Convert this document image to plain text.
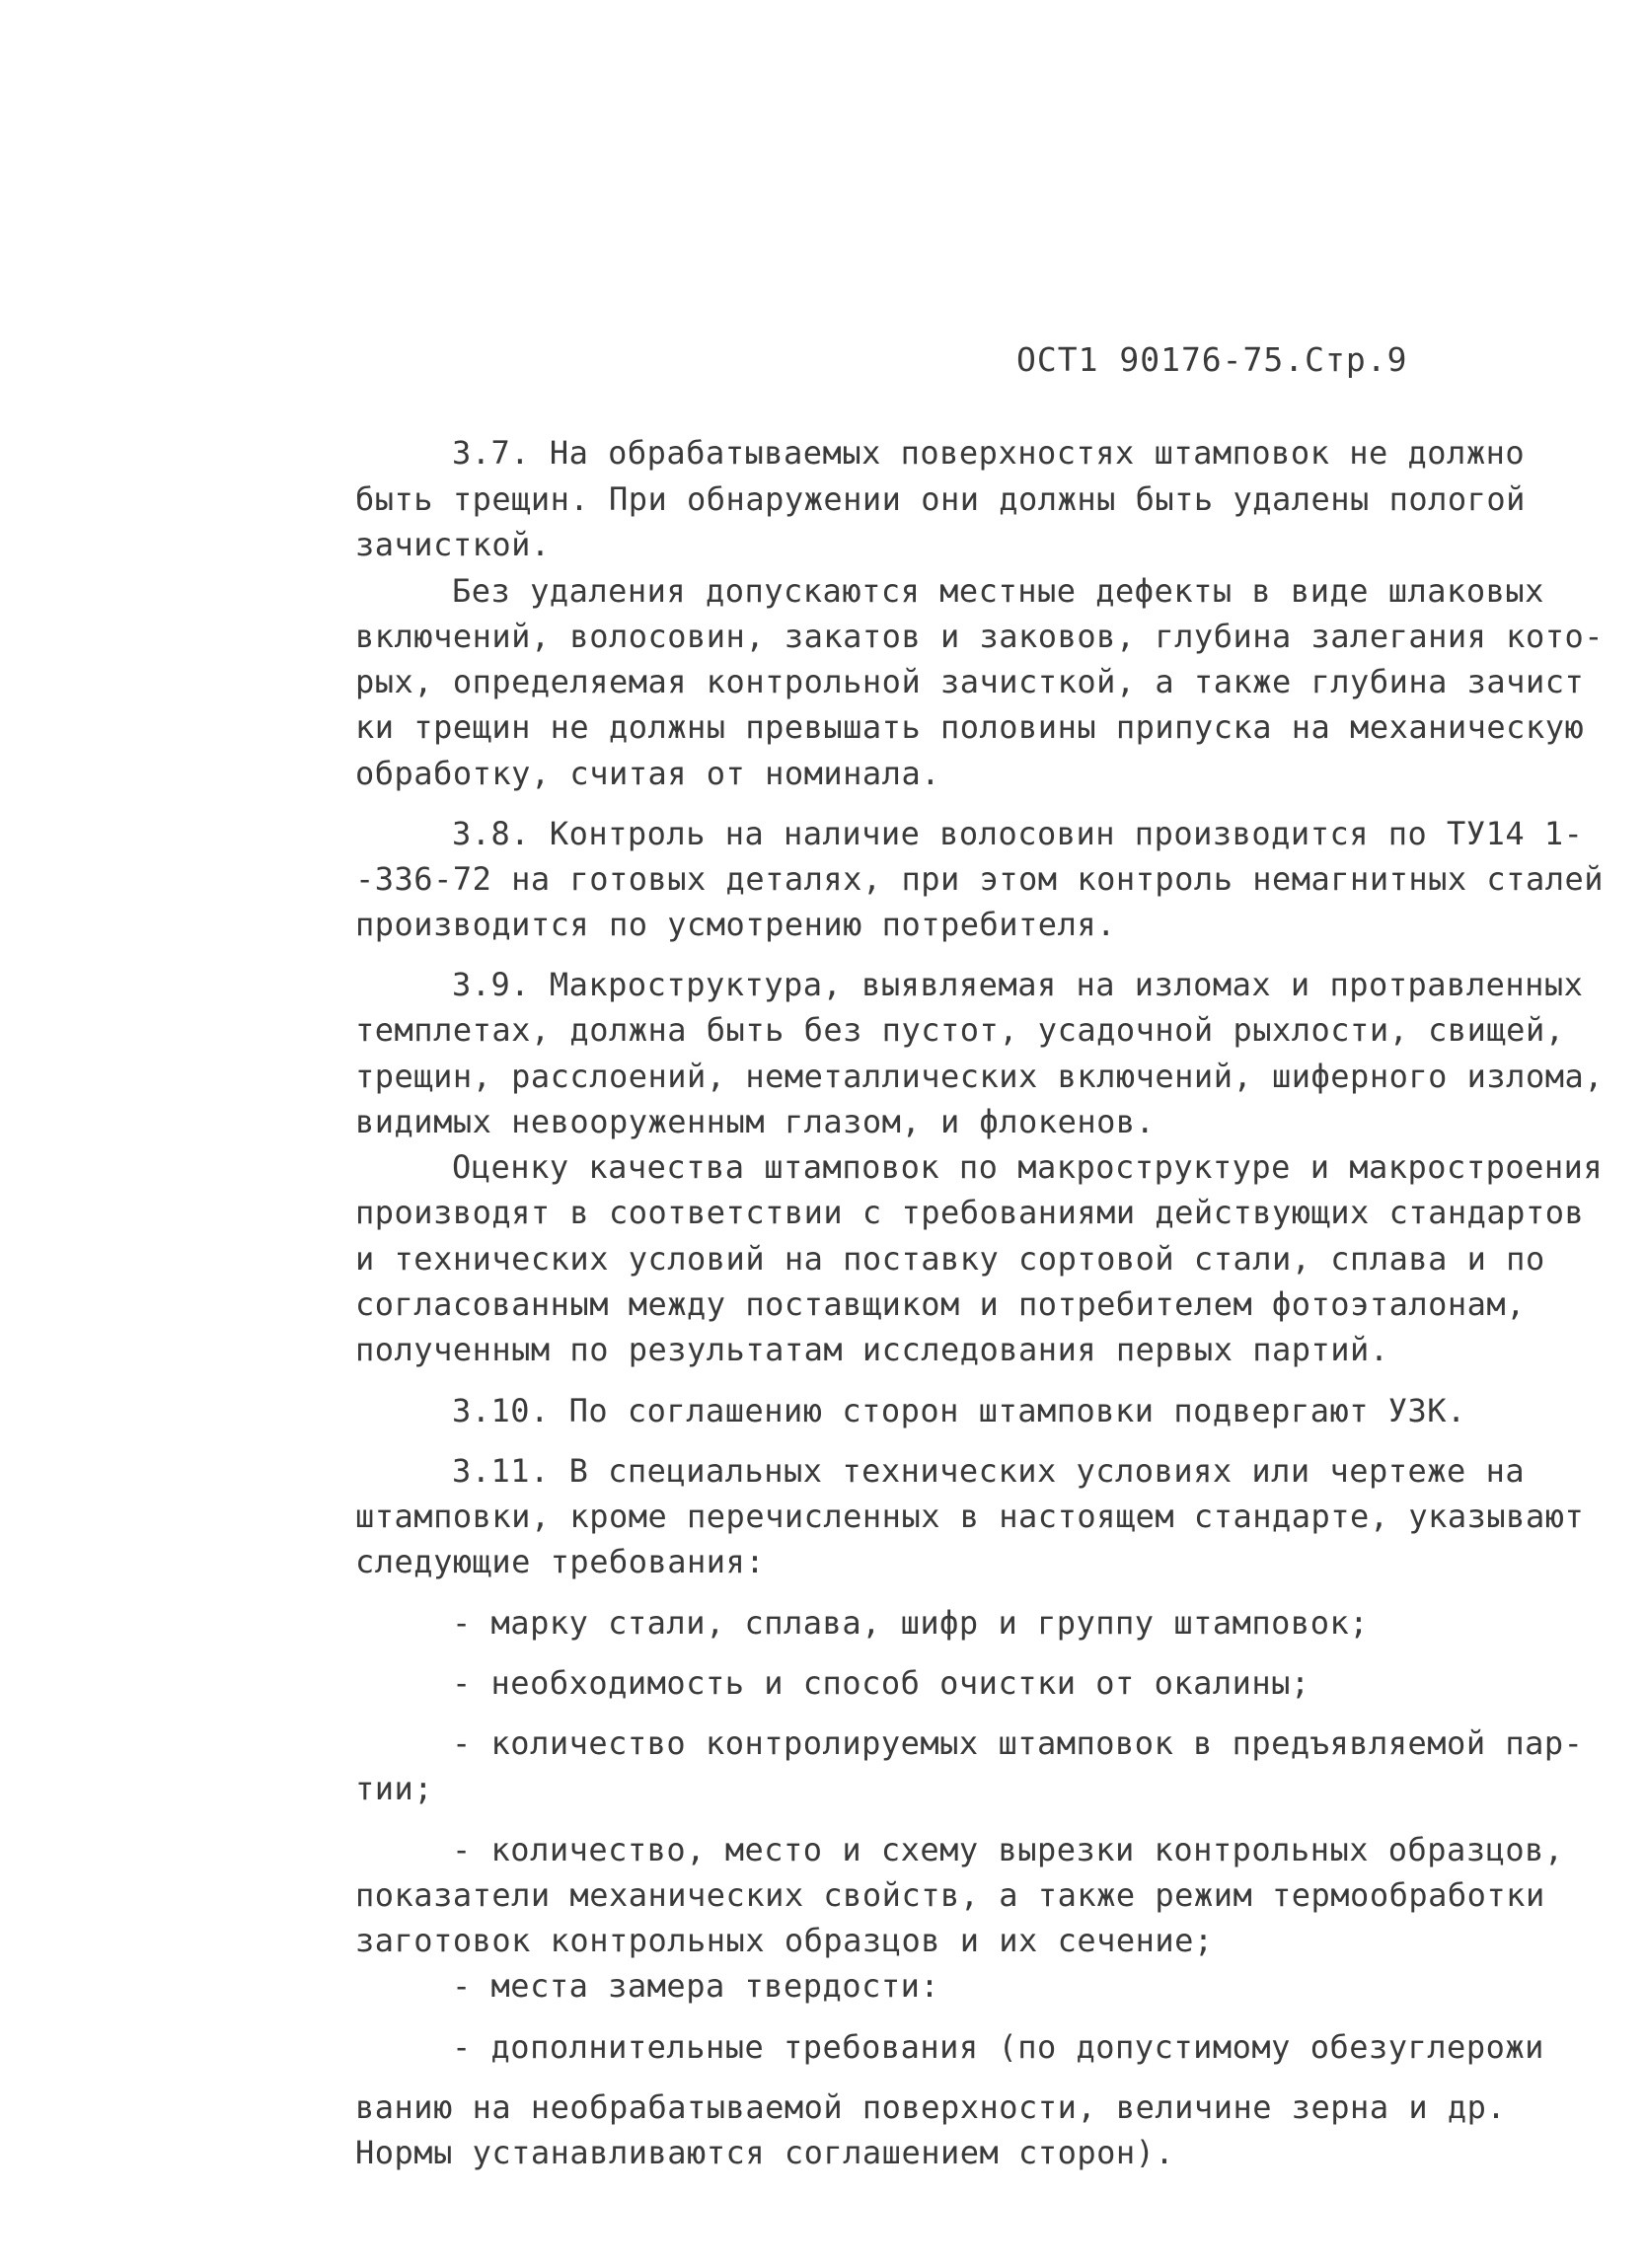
ОСТ1 90176-75.Стр.9
3.7. На обрабатываемых поверхностях штамповок не должно
быть трещин. При обнаружении они должны быть удалены пологой
зачисткой.
Без удаления допускаются местные дефекты в виде шлаковых
включений, волосовин, закатов и заковов, глубина залегания кото-
рых, определяемая контрольной зачисткой, а также глубина зачист
ки трещин не должны превышать половины припуска на механическую
обработку, считая от номинала.
3.8. Контроль на наличие волосовин производится по ТУ14 1-
-336-72 на готовых деталях, при этом контроль немагнитных сталей
производится по усмотрению потребителя.
3.9. Макроструктура, выявляемая на изломах и протравленных
темплетах, должна быть без пустот, усадочной рыхлости, свищей,
трещин, расслоений, неметаллических включений, шиферного излома,
видимых невооруженным глазом, и флокенов.
Оценку качества штамповок по макроструктуре и макростроения
производят в соответствии с требованиями действующих стандартов
и технических условий на поставку сортовой стали, сплава и по
согласованным между поставщиком и потребителем фотоэталонам,
полученным по результатам исследования первых партий.
3.10. По соглашению сторон штамповки подвергают УЗК.
3.11. В специальных технических условиях или чертеже на
штамповки, кроме перечисленных в настоящем стандарте, указывают
следующие требования:
- марку стали, сплава, шифр и группу штамповок;
- необходимость и способ очистки от окалины;
- количество контролируемых штамповок в предъявляемой пар-
тии;
- количество, место и схему вырезки контрольных образцов,
показатели механических свойств, а также режим термообработки
заготовок контрольных образцов и их сечение;
- места замера твердости:
- дополнительные требования (по допустимому обезуглерожи
ванию на необрабатываемой поверхности, величине зерна и др.
Нормы устанавливаются соглашением сторон).
